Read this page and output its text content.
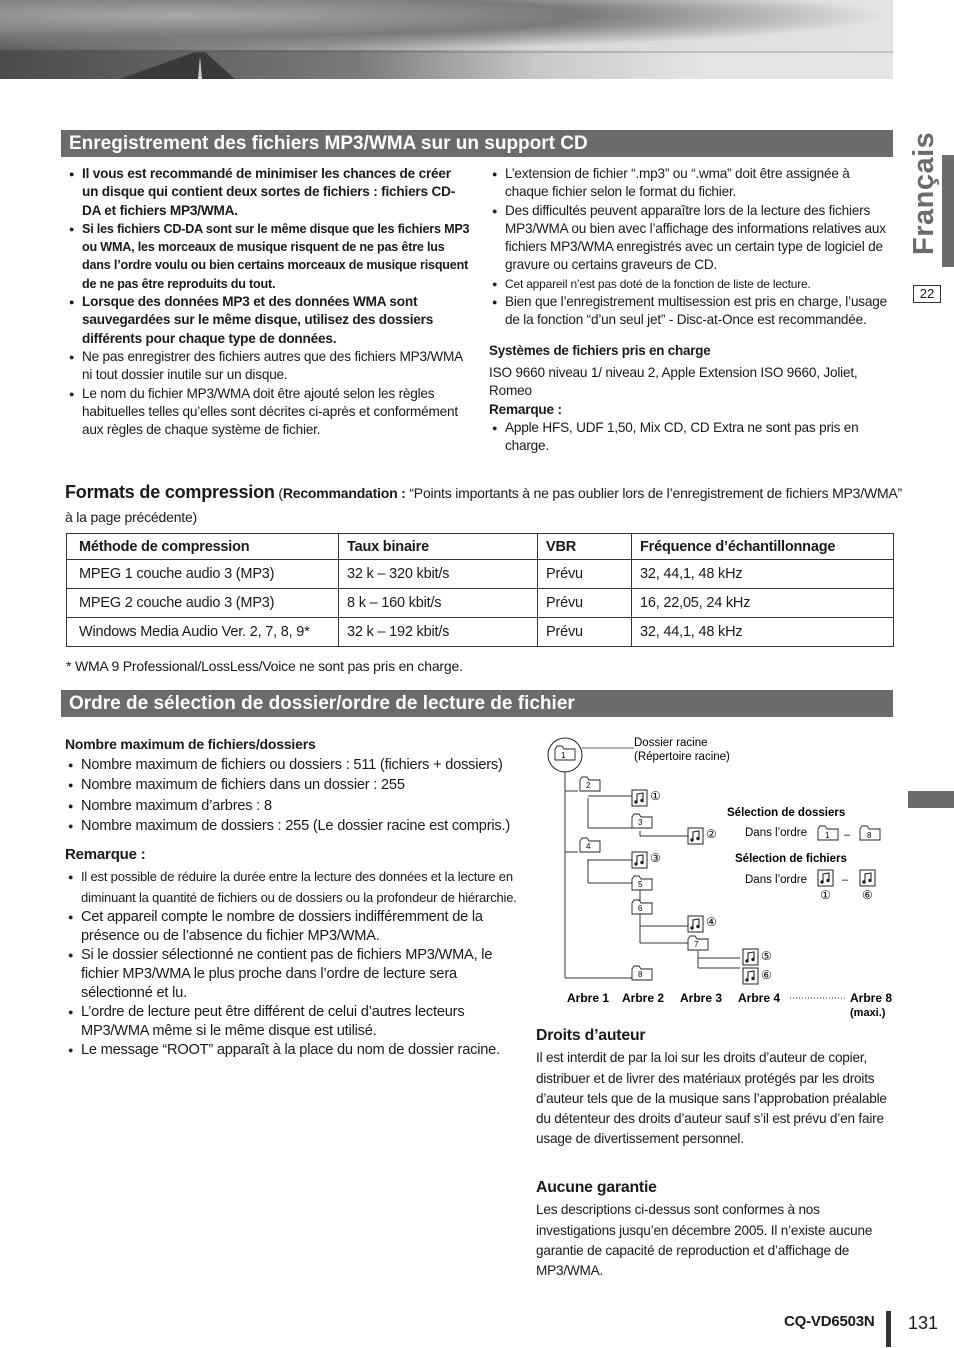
Français
22
Enregistrement des fichiers MP3/WMA sur un support CD
● Il vous est recommandé de minimiser les chances de créer un disque qui contient deux sortes de fichiers : fichiers CD-DA et fichiers MP3/WMA.
● Si les fichiers CD-DA sont sur le même disque que les fichiers MP3 ou WMA, les morceaux de musique risquent de ne pas être lus dans l’ordre voulu ou bien certains morceaux de musique risquent de ne pas être reproduits du tout.
● Lorsque des données MP3 et des données WMA sont sauvegardées sur le même disque, utilisez des dossiers différents pour chaque type de données.
● Ne pas enregistrer des fichiers autres que des fichiers MP3/WMA ni tout dossier inutile sur un disque.
● Le nom du fichier MP3/WMA doit être ajouté selon les règles habituelles telles qu’elles sont décrites ci-après et conformément aux règles de chaque système de fichier.
● L’extension de fichier “.mp3” ou “.wma” doit être assignée à chaque fichier selon le format du fichier.
● Des difficultés peuvent apparaître lors de la lecture des fichiers MP3/WMA ou bien avec l’affichage des informations relatives aux fichiers MP3/WMA enregistrés avec un certain type de logiciel de gravure ou certains graveurs de CD.
● Cet appareil n’est pas doté de la fonction de liste de lecture.
● Bien que l’enregistrement multisession est pris en charge, l’usage de la fonction “d’un seul jet” - Disc-at-Once est recommandée.
Systèmes de fichiers pris en charge
ISO 9660 niveau 1/ niveau 2, Apple Extension ISO 9660, Joliet, Romeo
Remarque :
● Apple HFS, UDF 1,50, Mix CD, CD Extra ne sont pas pris en charge.
Formats de compression (Recommandation : “Points importants à ne pas oublier lors de l’enregistrement de fichiers MP3/WMA” à la page précédente)
Méthode de compression	Taux binaire	VBR	Fréquence d’échantillonnage
MPEG 1 couche audio 3 (MP3)	32 k – 320 kbit/s	Prévu	32, 44,1, 48 kHz
MPEG 2 couche audio 3 (MP3)	8 k – 160 kbit/s	Prévu	16, 22,05, 24 kHz
Windows Media Audio Ver. 2, 7, 8, 9*	32 k – 192 kbit/s	Prévu	32, 44,1, 48 kHz
* WMA 9 Professional/LossLess/Voice ne sont pas pris en charge.
Ordre de sélection de dossier/ordre de lecture de fichier
Nombre maximum de fichiers/dossiers
● Nombre maximum de fichiers ou dossiers : 511 (fichiers + dossiers)
● Nombre maximum de fichiers dans un dossier : 255
● Nombre maximum d’arbres : 8
● Nombre maximum de dossiers : 255 (Le dossier racine est compris.)
Remarque :
● Il est possible de réduire la durée entre la lecture des données et la lecture en diminuant la quantité de fichiers ou de dossiers ou la profondeur de hiérarchie.
● Cet appareil compte le nombre de dossiers indifféremment de la présence ou de l’absence du fichier MP3/WMA.
● Si le dossier sélectionné ne contient pas de fichiers MP3/WMA, le fichier MP3/WMA le plus proche dans l’ordre de lecture sera sélectionné et lu.
● L’ordre de lecture peut être différent de celui d’autres lecteurs MP3/WMA même si le même disque est utilisé.
● Le message “ROOT” apparaît à la place du nom de dossier racine.
1
Dossier racine
(Répertoire racine)
2
①
3
②
4
③
5
6
④
7
⑤
⑥
8
Sélection de dossiers
Dans l’ordre 1 – 8
Sélection de fichiers
Dans l’ordre	–
①	⑥
Arbre 1 Arbre 2 Arbre 3 Arbre 4	Arbre 8
(maxi.)
Droits d’auteur

Il est interdit de par la loi sur les droits d’auteur de copier, distribuer et de livrer des matériaux protégés par les droits d’auteur tels que de la musique sans l’approbation préalable du détenteur des droits d’auteur sauf s’il est prévu d’en faire usage de divertissement personnel.

Aucune garantie

Les descriptions ci-dessus sont conformes à nos investigations jusqu’en décembre 2005. Il n’existe aucune garantie de capacité de reproduction et d’affichage de MP3/WMA.

CQ-VD6503N 131
